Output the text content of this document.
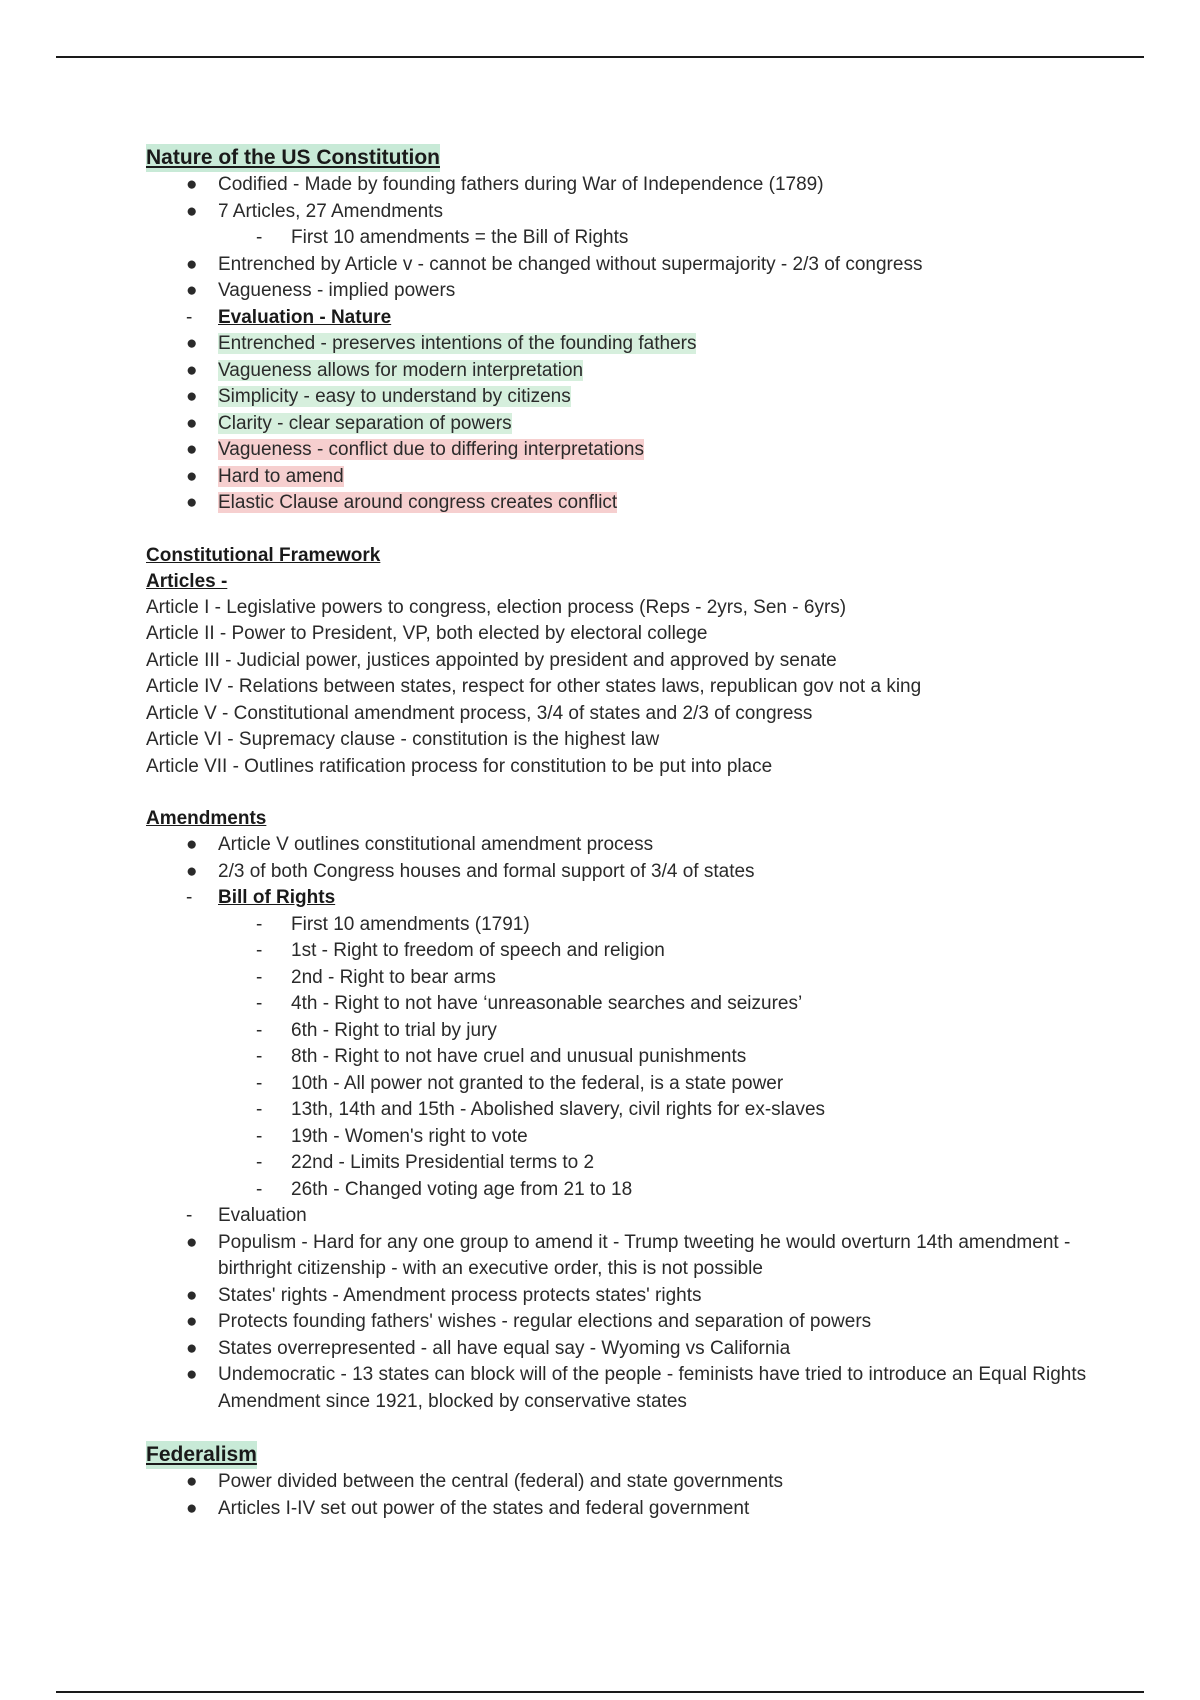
Nature of the US Constitution
●	Codified - Made by founding fathers during War of Independence (1789)
●	7 Articles, 27 Amendments
-	First 10 amendments = the Bill of Rights
●	Entrenched by Article v - cannot be changed without supermajority - 2/3 of congress
●	Vagueness - implied powers
-	Evaluation - Nature
●	Entrenched - preserves intentions of the founding fathers
●	Vagueness allows for modern interpretation
●	Simplicity - easy to understand by citizens
●	Clarity - clear separation of powers
●	Vagueness - conflict due to differing interpretations
●	Hard to amend
●	Elastic Clause around congress creates conflict
Constitutional Framework
Articles -
Article I - Legislative powers to congress, election process (Reps - 2yrs, Sen - 6yrs)
Article II - Power to President, VP, both elected by electoral college
Article III - Judicial power, justices appointed by president and approved by senate
Article IV - Relations between states, respect for other states laws, republican gov not a king
Article V - Constitutional amendment process, 3/4 of states and 2/3 of congress
Article VI - Supremacy clause - constitution is the highest law
Article VII - Outlines ratification process for constitution to be put into place
Amendments
●	Article V outlines constitutional amendment process
●	2/3 of both Congress houses and formal support of 3/4 of states
-	Bill of Rights
-	First 10 amendments (1791)
-	1st - Right to freedom of speech and religion
-	2nd - Right to bear arms
-	4th - Right to not have ‘unreasonable searches and seizures’
-	6th - Right to trial by jury
-	8th - Right to not have cruel and unusual punishments
-	10th - All power not granted to the federal, is a state power
-	13th, 14th and 15th - Abolished slavery, civil rights for ex-slaves
-	19th - Women's right to vote
-	22nd - Limits Presidential terms to 2
-	26th - Changed voting age from 21 to 18
-	Evaluation
●	Populism - Hard for any one group to amend it - Trump tweeting he would overturn 14th amendment - birthright citizenship - with an executive order, this is not possible
●	States' rights - Amendment process protects states' rights
●	Protects founding fathers' wishes - regular elections and separation of powers
●	States overrepresented - all have equal say - Wyoming vs California
●	Undemocratic - 13 states can block will of the people - feminists have tried to introduce an Equal Rights Amendment since 1921, blocked by conservative states
Federalism
●	Power divided between the central (federal) and state governments
●	Articles I-IV set out power of the states and federal government
